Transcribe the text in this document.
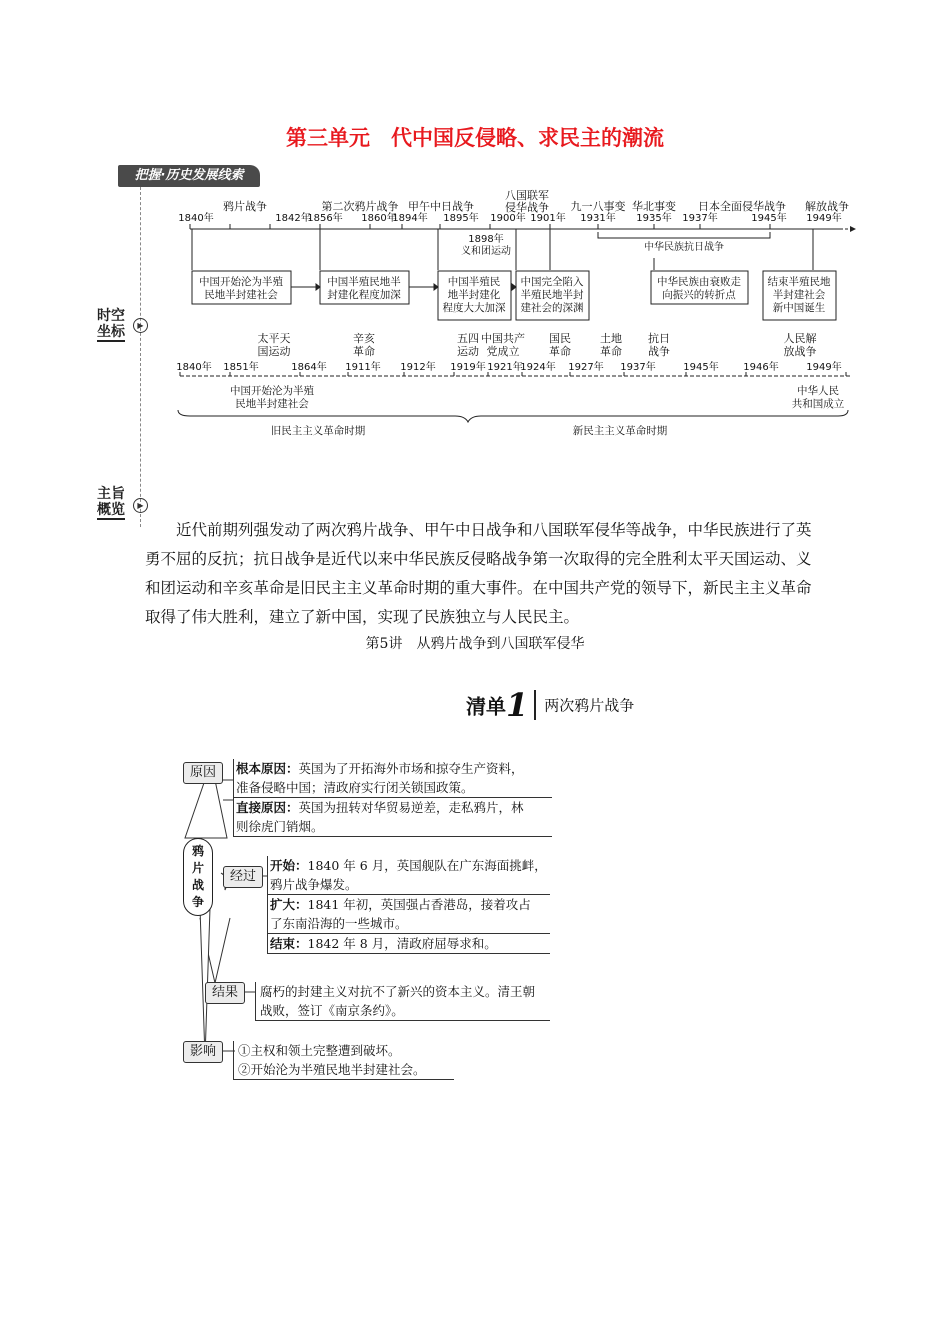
第三单元　代中国反侵略、求民主的潮流
把握·历史发展线索
时空
坐标	▶
主旨
概览	▶
1840年	1842年
1856年 1860年
1894年 1895年 1900年 1901年 1931年 1935年 1937年	1945年 1949年
鸦片战争	第二次鸦片战争 甲午中日战争
八国联军
侵华战争 九一八事变 华北事变 日本全面侵华战争 解放战争
1898年
义和团运动	中华民族抗日战争
中国开始沦为半殖
民地半封建社会
中国半殖民地半
封建化程度加深
中国半殖民
地半封建化
程度大大加深
中国完全陷入
半殖民地半封
建社会的深渊
中华民族由衰败走
向振兴的转折点
结束半殖民地
半封建社会
新中国诞生
太平天
国运动
辛亥
革命
五四
运动
中国共产
党成立
国民
革命
土地
革命
抗日
战争
人民解
放战争
1840年 1851年	1864年 1911年 1912年 1919年 1921年
1924年 1927年 1937年	1945年 1946年	1949年
中国开始沦为半殖
民地半封建社会
中华人民
共和国成立
旧民主主义革命时期	新民主主义革命时期

近代前期列强发动了两次鸦片战争、甲午中日战争和八国联军侵华等战争，中华民族进行了英勇不屈的反抗；抗日战争是近代以来中华民族反侵略战争第一次取得的完全胜利太平天国运动、义和团运动和辛亥革命是旧民主主义革命时期的重大事件。在中国共产党的领导下，新民主主义革命取得了伟大胜利，建立了新中国，实现了民族独立与人民民主。

第5讲　从鸦片战争到八国联军侵华
清单1 两次鸦片战争
鸦
片
战
争
原因	根本原因：英国为了开拓海外市场和掠夺生产资料，
准备侵略中国；清政府实行闭关锁国政策。
直接原因：英国为扭转对华贸易逆差，走私鸦片，林
则徐虎门销烟。
经过
开始：1840 年 6 月，英国舰队在广东海面挑衅，
鸦片战争爆发。
扩大：1841 年初，英国强占香港岛，接着攻占
了东南沿海的一些城市。
结束：1842 年 8 月，清政府屈辱求和。
结果	腐朽的封建主义对抗不了新兴的资本主义。清王朝
战败，签订《南京条约》。
影响	①主权和领土完整遭到破坏。
②开始沦为半殖民地半封建社会。
